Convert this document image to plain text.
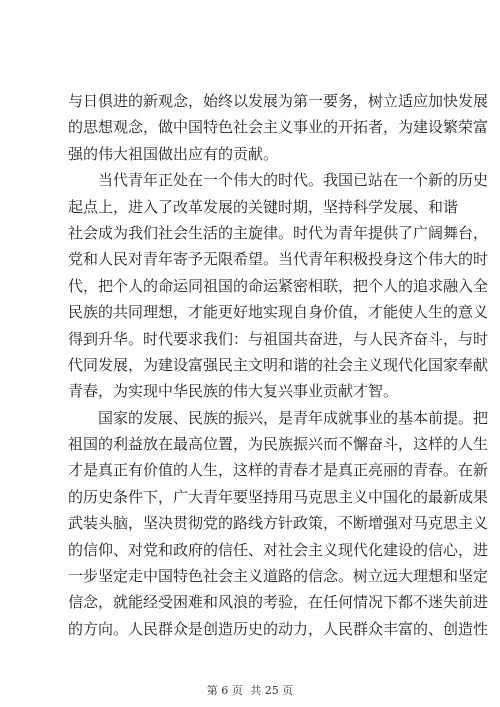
与日俱进的新观念，始终以发展为第一要务，树立适应加快发展
的思想观念，做中国特色社会主义事业的开拓者，为建设繁荣富
强的伟大祖国做出应有的贡献。
当代青年正处在一个伟大的时代。我国已站在一个新的历史
起点上，进入了改革发展的关键时期，坚持科学发展、和谐
社会成为我们社会生活的主旋律。时代为青年提供了广阔舞台，
党和人民对青年寄予无限希望。当代青年积极投身这个伟大的时
代，把个人的命运同祖国的命运紧密相联，把个人的追求融入全
民族的共同理想，才能更好地实现自身价值，才能使人生的意义
得到升华。时代要求我们：与祖国共奋进，与人民齐奋斗，与时
代同发展，为建设富强民主文明和谐的社会主义现代化国家奉献
青春，为实现中华民族的伟大复兴事业贡献才智。
国家的发展、民族的振兴，是青年成就事业的基本前提。把
祖国的利益放在最高位置，为民族振兴而不懈奋斗，这样的人生
才是真正有价值的人生，这样的青春才是真正亮丽的青春。在新
的历史条件下，广大青年要坚持用马克思主义中国化的最新成果
武装头脑，坚决贯彻党的路线方针政策，不断增强对马克思主义
的信仰、对党和政府的信任、对社会主义现代化建设的信心，进
一步坚定走中国特色社会主义道路的信念。树立远大理想和坚定
信念，就能经受困难和风浪的考验，在任何情况下都不迷失前进
的方向。人民群众是创造历史的动力，人民群众丰富的、创造性
第 6 页 共 25 页
